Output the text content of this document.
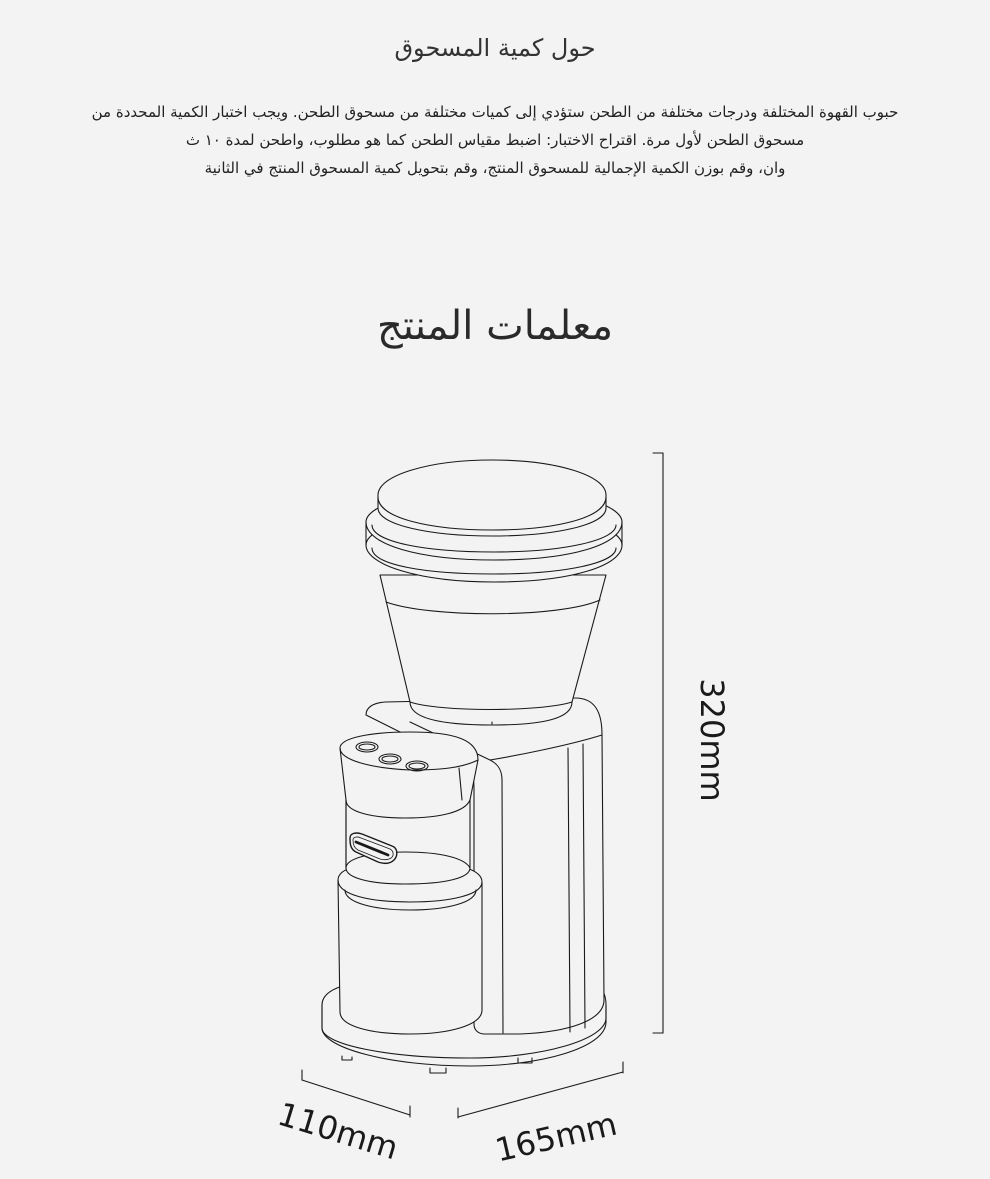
حول كمية المسحوق

حبوب القهوة المختلفة ودرجات مختلفة من الطحن ستؤدي إلى كميات مختلفة من مسحوق الطحن. ويجب اختبار الكمية المحددة من

مسحوق الطحن لأول مرة. اقتراح الاختبار: اضبط مقياس الطحن كما هو مطلوب، واطحن لمدة ١٠ ث

وان، وقم بوزن الكمية الإجمالية للمسحوق المنتج، وقم بتحويل كمية المسحوق المنتج في الثانية

معلمات المنتج
320mm
110mm	165mm
